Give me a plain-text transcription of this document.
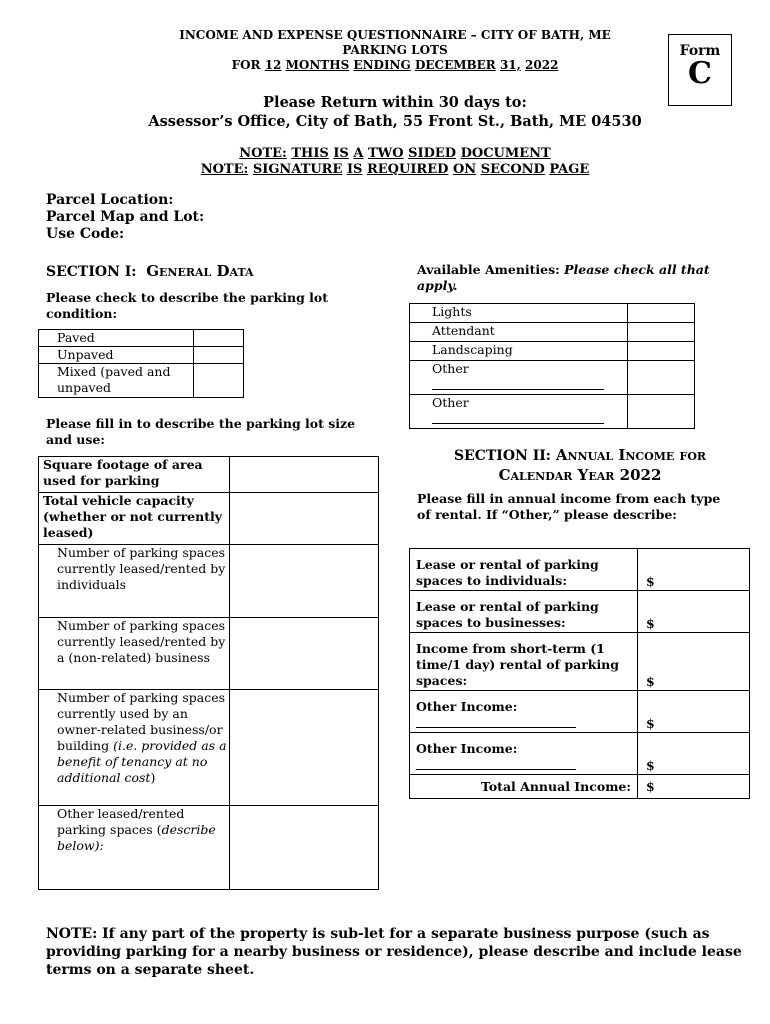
INCOME AND EXPENSE QUESTIONNAIRE – CITY OF BATH, ME
PARKING LOTS
FOR 12 MONTHS ENDING DECEMBER 31, 2022
Form
C
Please Return within 30 days to:
Assessor’s Office, City of Bath, 55 Front St., Bath, ME 04530
NOTE: THIS IS A TWO SIDED DOCUMENT
NOTE: SIGNATURE IS REQUIRED ON SECOND PAGE
Parcel Location:
Parcel Map and Lot:
Use Code:
SECTION I: General Data
Please check to describe the parking lot condition:
Paved	
Unpaved	
Mixed (paved and unpaved	
Please fill in to describe the parking lot size and use:
Square footage of area used for parking	
Total vehicle capacity (whether or not currently leased)	
Number of parking spaces currently leased/rented by individuals	
Number of parking spaces currently leased/rented by a (non-related) business	
Number of parking spaces currently used by an owner-related business/or building (i.e. provided as a benefit of tenancy at no additional cost)	
Other leased/rented parking spaces (describe below):	
Available Amenities: Please check all that apply.
Lights	
Attendant	
Landscaping	
Other

Other

SECTION II: Annual Income for
Calendar Year 2022
Please fill in annual income from each type of rental. If “Other,” please describe:
Lease or rental of parking spaces to individuals:	$
Lease or rental of parking spaces to businesses:	$
Income from short-term (1 time/1 day) rental of parking spaces:	$
Other Income:	$
Other Income:	$
Total Annual Income:	$
NOTE: If any part of the property is sub-let for a separate business purpose (such as providing parking for a nearby business or residence), please describe and include lease terms on a separate sheet.
